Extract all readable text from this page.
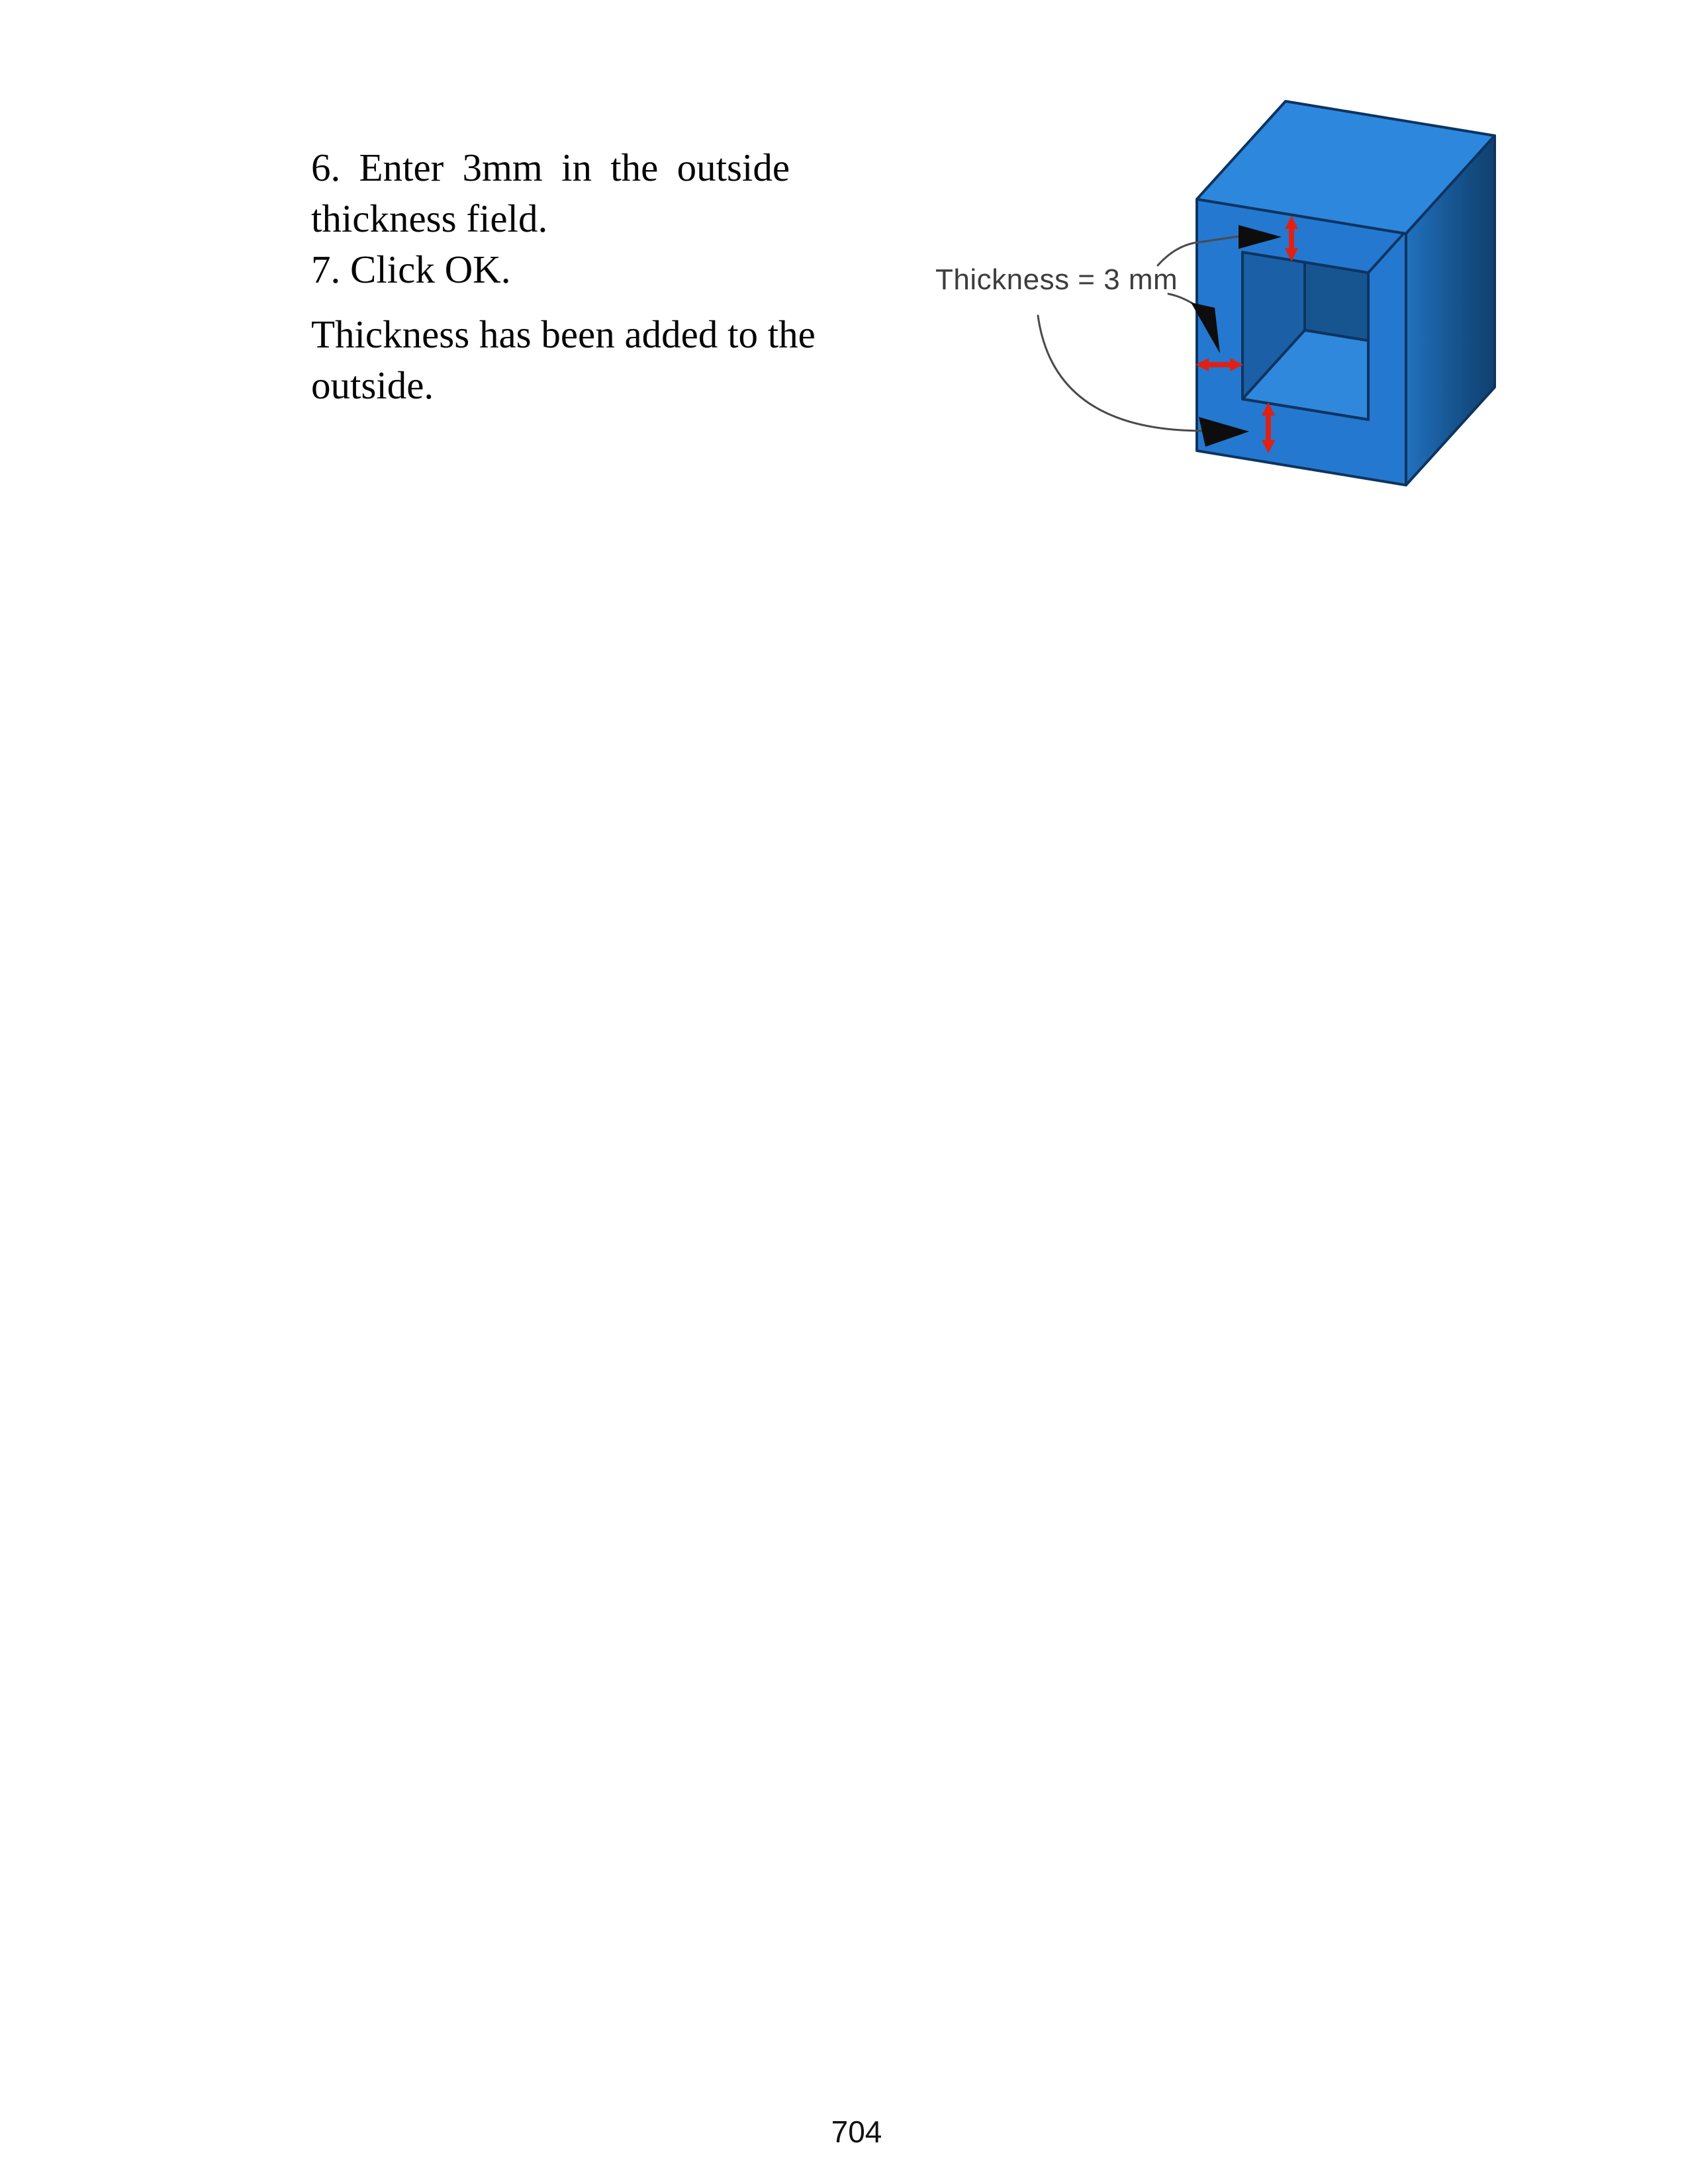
6. Enter 3mm in the outside thickness field.

7. Click OK.

Thickness has been added to the outside.

Thickness = 3 mm
704
